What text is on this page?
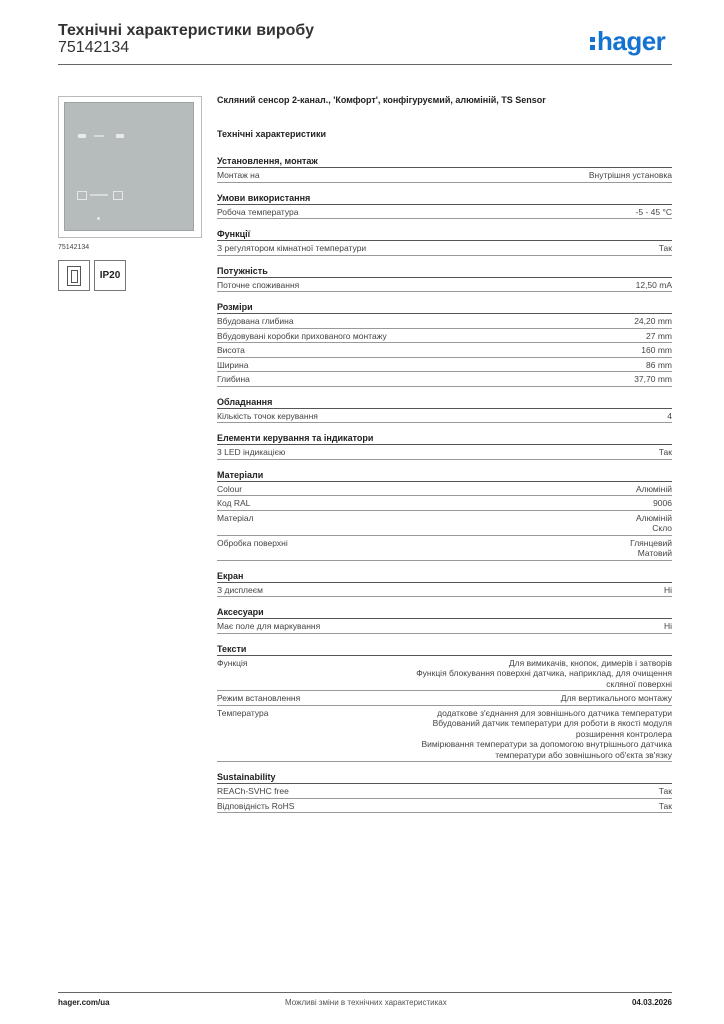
Технічні характеристики виробу
75142134	hager
75142134
IP20
Скляний сенсор 2-канал., 'Комфорт', конфігуруємий, алюміній, TS Sensor
Технічні характеристики
Установлення, монтаж
Монтаж на	Внутрішня установка
Умови використання
Робоча температура	-5 - 45 °C
Функції
З регулятором кімнатної температури	Так
Потужність
Поточне споживання	12,50 mA
Розміри
Вбудована глибина	24,20 mm
Вбудовувані коробки прихованого монтажу	27 mm
Висота	160 mm
Ширина	86 mm
Глибина	37,70 mm
Обладнання
Кількість точок керування	4
Елементи керування та індикатори
3 LED індикацією	Так
Матеріали
Colour	Алюміній
Код RAL	9006
Матеріал	Алюміній
Скло
Обробка поверхні	Глянцевий
Матовий
Екран
З дисплеєм	Ні
Аксесуари
Має поле для маркування	Ні
Тексти
Функція	Для вимикачів, кнопок, димерів і затворів
Функція блокування поверхні датчика, наприклад, для очищення скляної поверхні
Режим встановлення	Для вертикального монтажу
Температура	додаткове з'єднання для зовнішнього датчика температури
Вбудований датчик температури для роботи в якості модуля розширення контролера
Вимірювання температури за допомогою внутрішнього датчика температури або зовнішнього об'єкта зв'язку
Sustainability
REACh-SVHC free	Так
Відповідність RoHS	Так
hager.com/ua	Можливі зміни в технічних характеристиках	04.03.2026
